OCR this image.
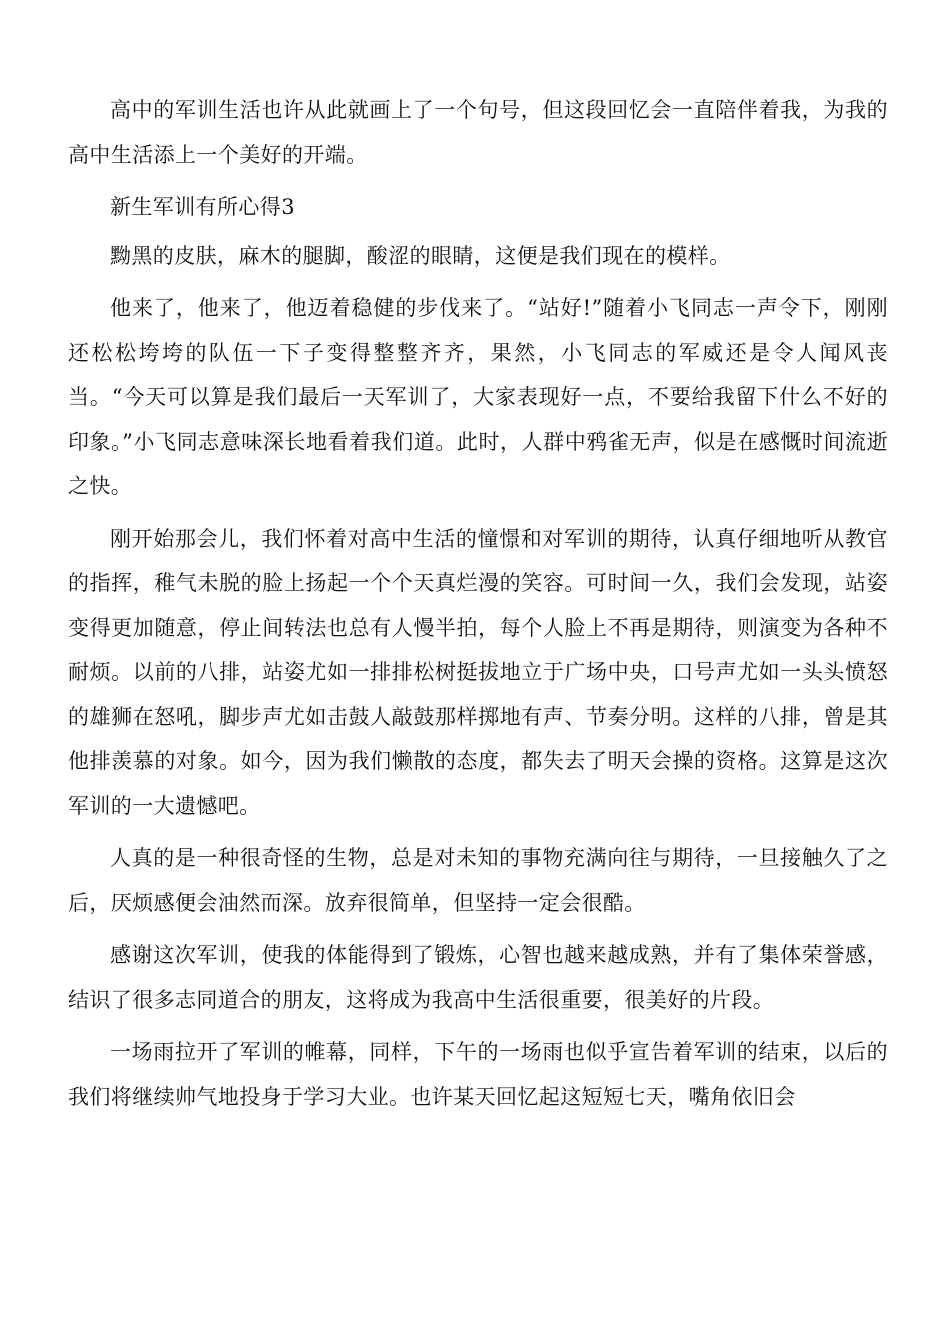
高中的军训生活也许从此就画上了一个句号，但这段回忆会一直陪伴着我，为我的高中生活添上一个美好的开端。

新生军训有所心得3

黝黑的皮肤，麻木的腿脚，酸涩的眼睛，这便是我们现在的模样。

他来了，他来了，他迈着稳健的步伐来了。“站好!”随着小飞同志一声令下，刚刚还松松垮垮的队伍一下子变得整整齐齐，果然，小飞同志的军威还是令人闻风丧当。“今天可以算是我们最后一天军训了，大家表现好一点，不要给我留下什么不好的印象。”小飞同志意味深长地看着我们道。此时，人群中鸦雀无声，似是在感慨时间流逝之快。

刚开始那会儿，我们怀着对高中生活的憧憬和对军训的期待，认真仔细地听从教官的指挥，稚气未脱的脸上扬起一个个天真烂漫的笑容。可时间一久，我们会发现，站姿变得更加随意，停止间转法也总有人慢半拍，每个人脸上不再是期待，则演变为各种不耐烦。以前的八排，站姿尤如一排排松树挺拔地立于广场中央，口号声尤如一头头愤怒的雄狮在怒吼，脚步声尤如击鼓人敲鼓那样掷地有声、节奏分明。这样的八排，曾是其他排羡慕的对象。如今，因为我们懒散的态度，都失去了明天会操的资格。这算是这次军训的一大遗憾吧。

人真的是一种很奇怪的生物，总是对未知的事物充满向往与期待，一旦接触久了之后，厌烦感便会油然而深。放弃很简单，但坚持一定会很酷。

感谢这次军训，使我的体能得到了锻炼，心智也越来越成熟，并有了集体荣誉感，结识了很多志同道合的朋友，这将成为我高中生活很重要，很美好的片段。

一场雨拉开了军训的帷幕，同样，下午的一场雨也似乎宣告着军训的结束，以后的我们将继续帅气地投身于学习大业。也许某天回忆起这短短七天，嘴角依旧会
